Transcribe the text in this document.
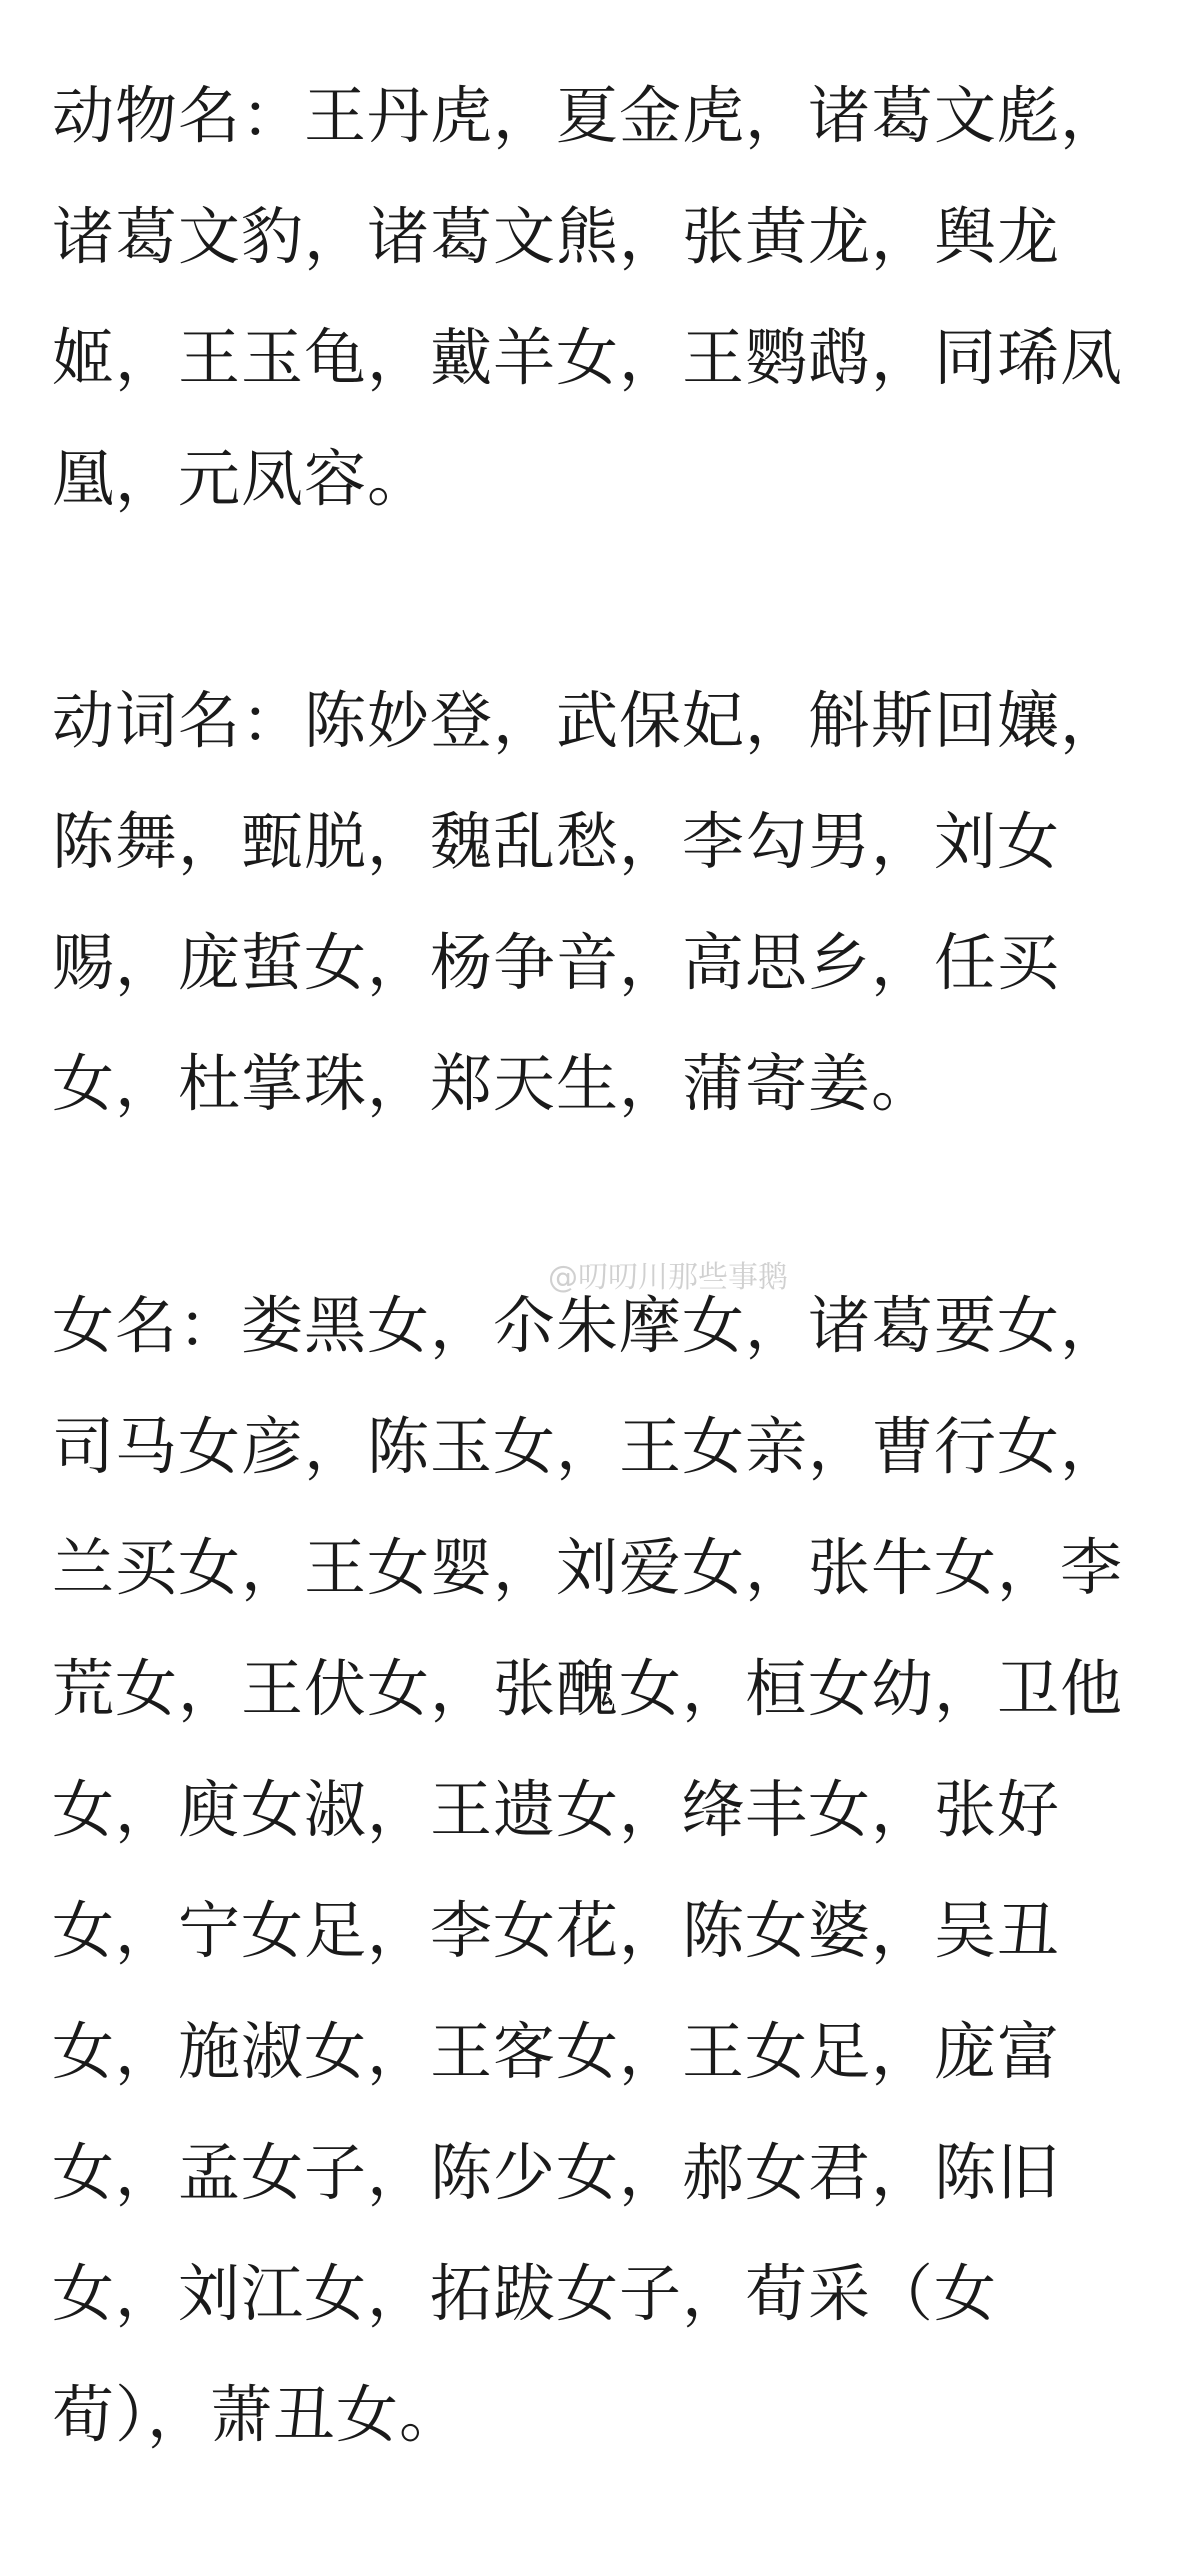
动物名：王丹虎，夏金虎，诸葛文彪，诸葛文豹，诸葛文熊，张黄龙，舆龙姬，王玉龟，戴羊女，王鹦鹉，同琋凤凰，元凤容。

动词名：陈妙登，武保妃，斛斯回孃，陈舞，甄脱，魏乱愁，李勾男，刘女赐，庞蜇女，杨争音，高思乡，任买女，杜掌珠，郑天生，蒲寄姜。

女名：娄黑女，尒朱摩女，诸葛要女，司马女彦，陈玉女，王女亲，曹行女，兰买女，王女婴，刘爱女，张牛女，李荒女，王伏女，张醜女，桓女幼，卫他女，庾女淑，王遗女，绛丰女，张好女，宁女足，李女花，陈女婆，吴丑女，施淑女，王客女，王女足，庞富女，孟女子，陈少女，郝女君，陈旧女，刘江女，拓跋女子，荀采（女荀），萧丑女。

@叨叨川那些事鹅
